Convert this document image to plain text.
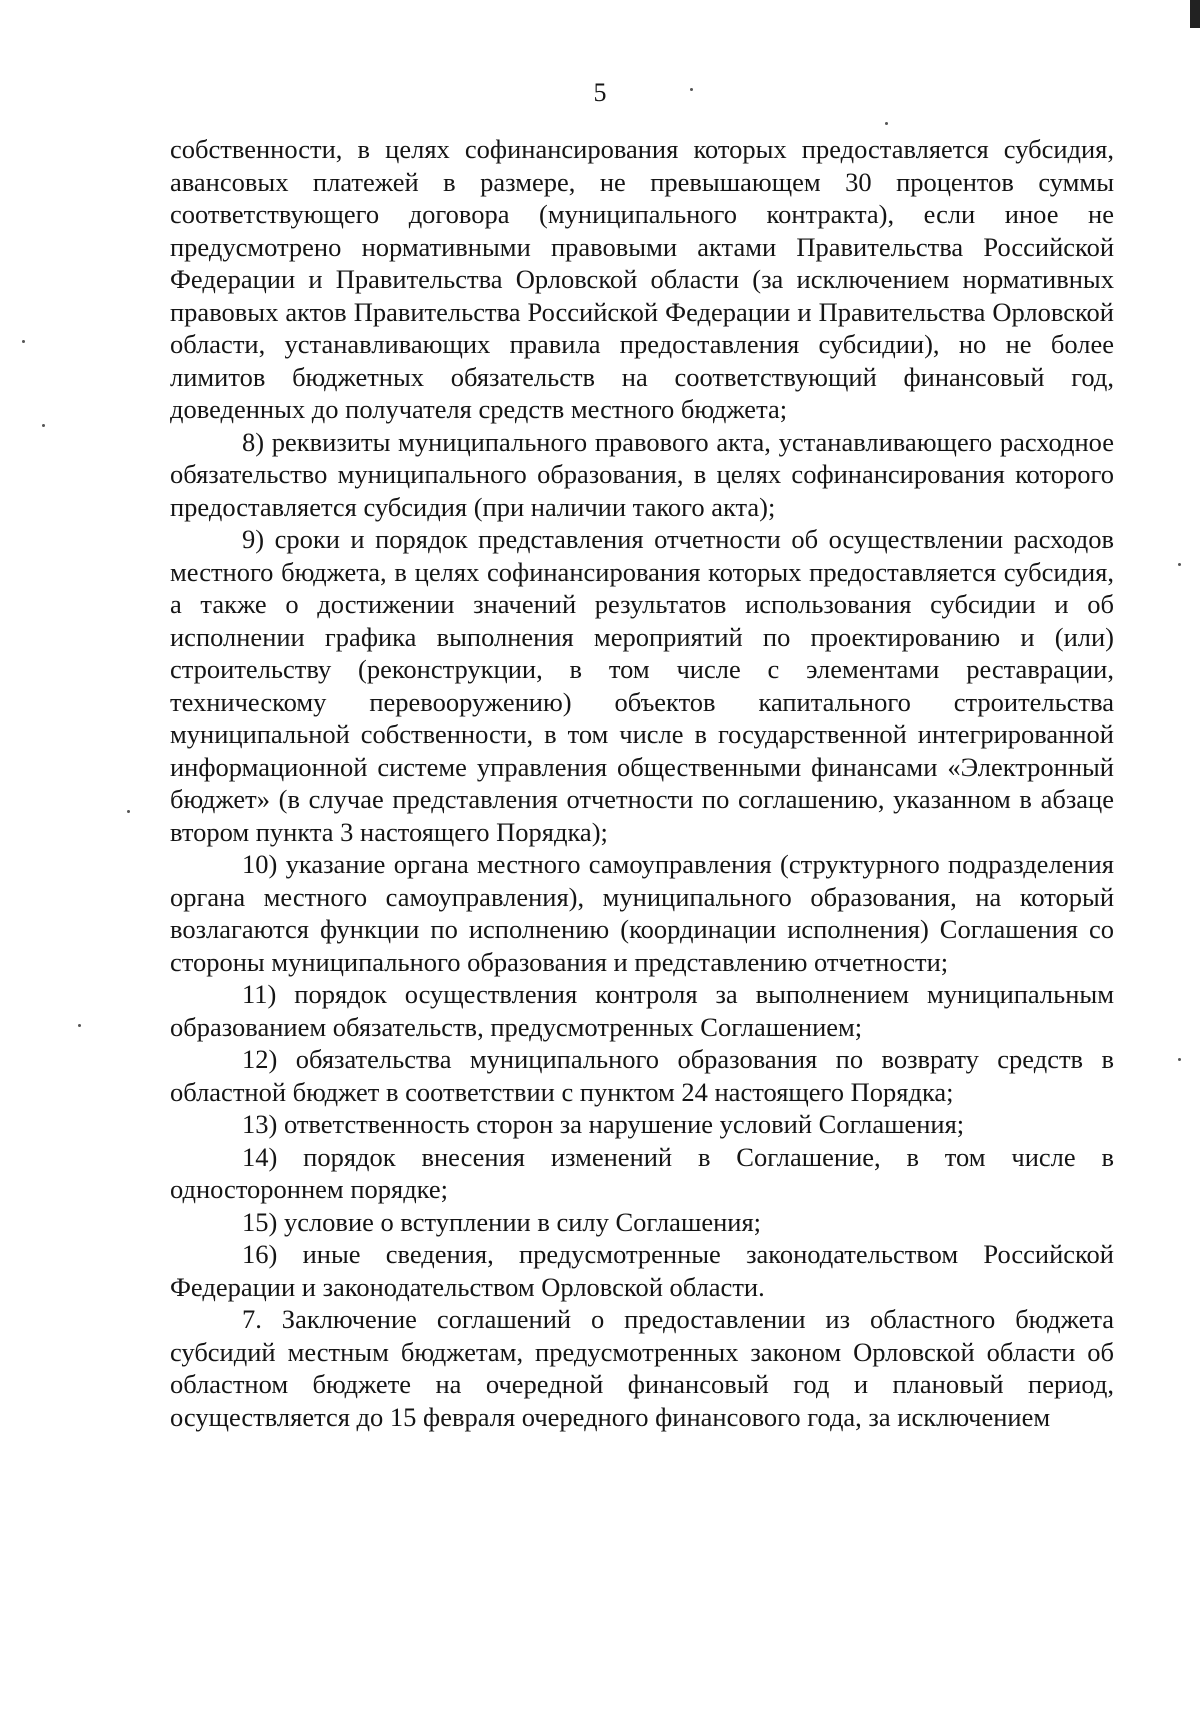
5

собственности, в целях софинансирования которых предоставляется субсидия, авансовых платежей в размере, не превышающем 30 процентов суммы соответствующего договора (муниципального контракта), если иное не предусмотрено нормативными правовыми актами Правительства Российской Федерации и Правительства Орловской области (за исключением нормативных правовых актов Правительства Российской Федерации и Правительства Орловской области, устанавливающих правила предоставления субсидии), но не более лимитов бюджетных обязательств на соответствующий финансовый год, доведенных до получателя средств местного бюджета;

8) реквизиты муниципального правового акта, устанавливающего расходное обязательство муниципального образования, в целях софинансирования которого предоставляется субсидия (при наличии такого акта);

9) сроки и порядок представления отчетности об осуществлении расходов местного бюджета, в целях софинансирования которых предоставляется субсидия, а также о достижении значений результатов использования субсидии и об исполнении графика выполнения мероприятий по проектированию и (или) строительству (реконструкции, в том числе с элементами реставрации, техническому перевооружению) объектов капитального строительства муниципальной собственности, в том числе в государственной интегрированной информационной системе управления общественными финансами «Электронный бюджет» (в случае представления отчетности по соглашению, указанном в абзаце втором пункта 3 настоящего Порядка);

10) указание органа местного самоуправления (структурного подразделения органа местного самоуправления), муниципального образования, на который возлагаются функции по исполнению (координации исполнения) Соглашения со стороны муниципального образования и представлению отчетности;

11) порядок осуществления контроля за выполнением муниципальным образованием обязательств, предусмотренных Соглашением;

12) обязательства муниципального образования по возврату средств в областной бюджет в соответствии с пунктом 24 настоящего Порядка;

13) ответственность сторон за нарушение условий Соглашения;

14) порядок внесения изменений в Соглашение, в том числе в одностороннем порядке;

15) условие о вступлении в силу Соглашения;

16) иные сведения, предусмотренные законодательством Российской Федерации и законодательством Орловской области.

7. Заключение соглашений о предоставлении из областного бюджета субсидий местным бюджетам, предусмотренных законом Орловской области об областном бюджете на очередной финансовый год и плановый период, осуществляется до 15 февраля очередного финансового года, за исключением
